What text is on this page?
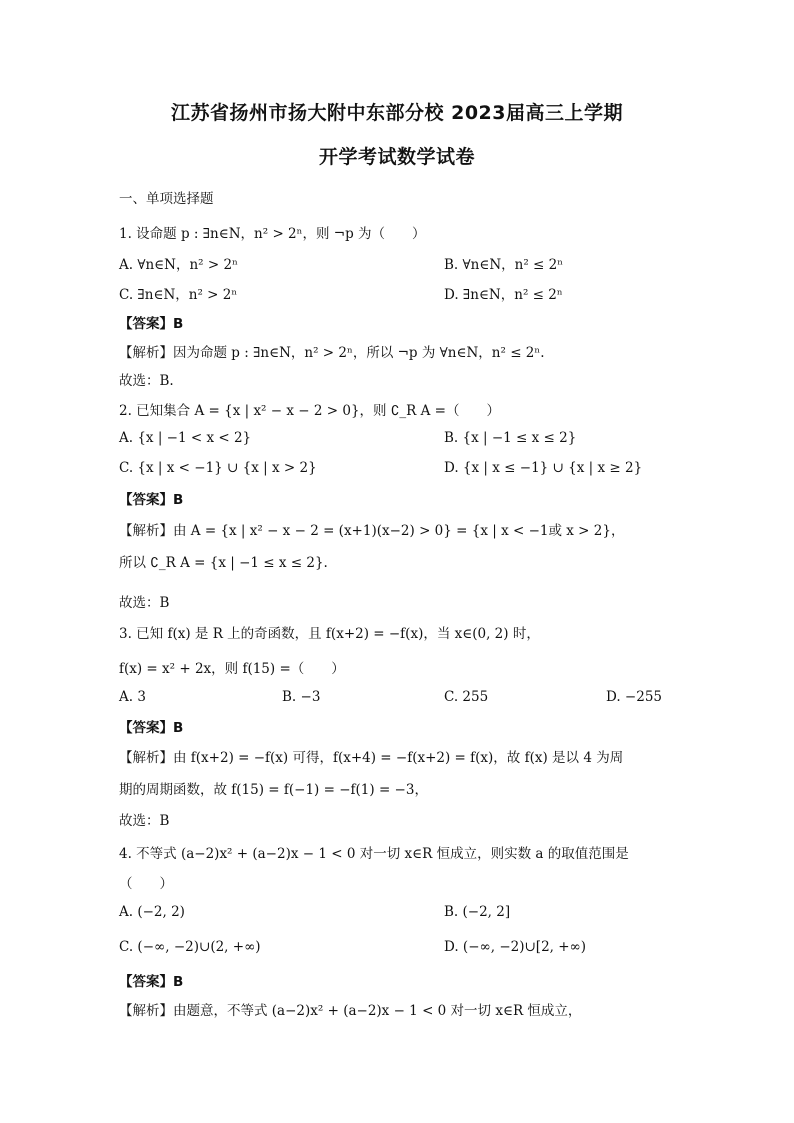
江苏省扬州市扬大附中东部分校 2023届高三上学期
开学考试数学试卷
一、单项选择题
1. 设命题 p : ∃n∈N，n² > 2ⁿ，则 ¬p 为（　　）
A. ∀n∈N，n² > 2ⁿ	B. ∀n∈N，n² ≤ 2ⁿ
C. ∃n∈N，n² > 2ⁿ	D. ∃n∈N，n² ≤ 2ⁿ
【答案】B
【解析】因为命题 p : ∃n∈N，n² > 2ⁿ，所以 ¬p 为 ∀n∈N，n² ≤ 2ⁿ.
故选：B.
2. 已知集合 A = {x | x² − x − 2 > 0}，则 ∁_R A =（　　）
A. {x | −1 < x < 2}	B. {x | −1 ≤ x ≤ 2}
C. {x | x < −1} ∪ {x | x > 2}	D. {x | x ≤ −1} ∪ {x | x ≥ 2}
【答案】B
【解析】由 A = {x | x² − x − 2 = (x+1)(x−2) > 0} = {x | x < −1或 x > 2}，
所以 ∁_R A = {x | −1 ≤ x ≤ 2}.
故选：B
3. 已知 f(x) 是 R 上的奇函数，且 f(x+2) = −f(x)，当 x∈(0, 2) 时，
f(x) = x² + 2x，则 f(15) =（　　）
A. 3	B. −3	C. 255	D. −255
【答案】B
【解析】由 f(x+2) = −f(x) 可得，f(x+4) = −f(x+2) = f(x)，故 f(x) 是以 4 为周
期的周期函数，故 f(15) = f(−1) = −f(1) = −3，
故选：B
4. 不等式 (a−2)x² + (a−2)x − 1 < 0 对一切 x∈R 恒成立，则实数 a 的取值范围是
（　　）
A. (−2, 2)	B. (−2, 2]
C. (−∞, −2)∪(2, +∞)	D. (−∞, −2)∪[2, +∞)
【答案】B
【解析】由题意，不等式 (a−2)x² + (a−2)x − 1 < 0 对一切 x∈R 恒成立，
